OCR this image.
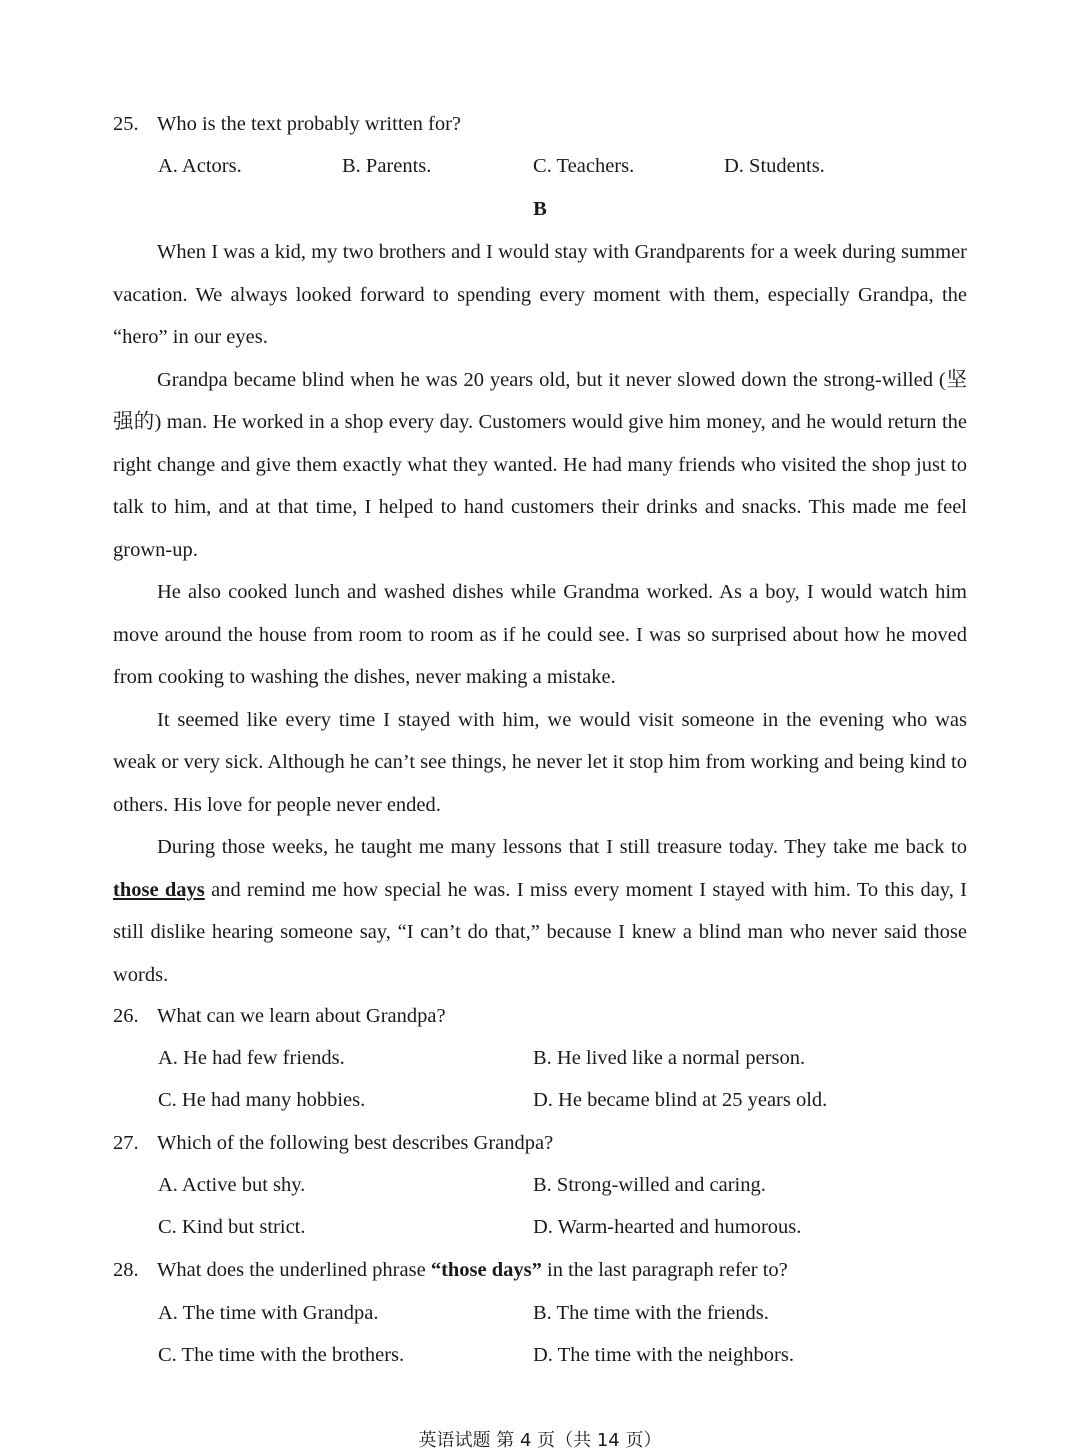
25. Who is the text probably written for?
A. Actors.	B. Parents.	C. Teachers.	D. Students.
B

When I was a kid, my two brothers and I would stay with Grandparents for a week during summer vacation. We always looked forward to spending every moment with them, especially Grandpa, the “hero” in our eyes.

Grandpa became blind when he was 20 years old, but it never slowed down the strong-willed (坚强的) man. He worked in a shop every day. Customers would give him money, and he would return the right change and give them exactly what they wanted. He had many friends who visited the shop just to talk to him, and at that time, I helped to hand customers their drinks and snacks. This made me feel grown-up.

He also cooked lunch and washed dishes while Grandma worked. As a boy, I would watch him move around the house from room to room as if he could see. I was so surprised about how he moved from cooking to washing the dishes, never making a mistake.

It seemed like every time I stayed with him, we would visit someone in the evening who was weak or very sick. Although he can’t see things, he never let it stop him from working and being kind to others. His love for people never ended.

During those weeks, he taught me many lessons that I still treasure today. They take me back to those days and remind me how special he was. I miss every moment I stayed with him. To this day, I still dislike hearing someone say, “I can’t do that,” because I knew a blind man who never said those words.

26. What can we learn about Grandpa?
A. He had few friends.	B. He lived like a normal person.
C. He had many hobbies.	D. He became blind at 25 years old.
27. Which of the following best describes Grandpa?
A. Active but shy.	B. Strong-willed and caring.
C. Kind but strict.	D. Warm-hearted and humorous.
28. What does the underlined phrase “those days” in the last paragraph refer to?
A. The time with Grandpa.	B. The time with the friends.
C. The time with the brothers.	D. The time with the neighbors.
英语试题 第 4 页（共 14 页）
